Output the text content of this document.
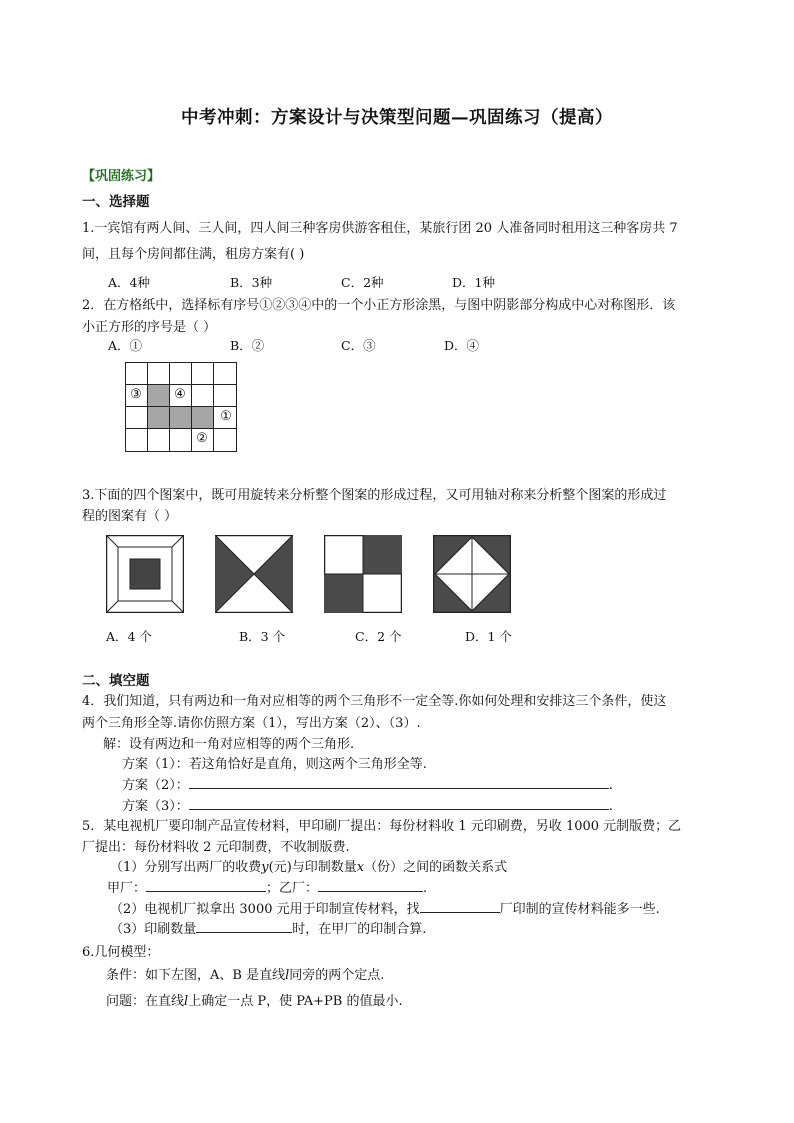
中考冲刺：方案设计与决策型问题—巩固练习（提高）
【巩固练习】
一、选择题
1.一宾馆有两人间、三人间，四人间三种客房供游客租住，某旅行团 20 人准备同时租用这三种客房共 7
间，且每个房间都住满，租房方案有( )
A．4种	B．3种	C．2种	D．1种
2．在方格纸中，选择标有序号①②③④中的一个小正方形涂黑，与图中阴影部分构成中心对称图形．该
小正方形的序号是（ ）
A．①	B．②	C．③	D．④
③	④
①
②
3.下面的四个图案中，既可用旋转来分析整个图案的形成过程，又可用轴对称来分析整个图案的形成过
程的图案有（ ）
A．4 个	B．3 个	C．2 个	D．1 个
二、填空题
4．我们知道，只有两边和一角对应相等的两个三角形不一定全等.你如何处理和安排这三个条件，使这
两个三角形全等.请你仿照方案（1），写出方案（2）、（3）.
解：设有两边和一角对应相等的两个三角形.
方案（1）：若这角恰好是直角，则这两个三角形全等.
方案（2）：	.
方案（3）：	.
5．某电视机厂要印制产品宣传材料，甲印刷厂提出：每份材料收 1 元印刷费，另收 1000 元制版费；乙
厂提出：每份材料收 2 元印制费，不收制版费.
（1）分别写出两厂的收费y(元)与印制数量x（份）之间的函数关系式
甲厂：	；乙厂：	.
（2）电视机厂拟拿出 3000 元用于印制宣传材料，找	厂印制的宣传材料能多一些.
（3）印刷数量	时，在甲厂的印制合算.
6.几何模型：
条件：如下左图，A、B 是直线l同旁的两个定点.
问题：在直线l上确定一点 P，使 PA+PB 的值最小.
